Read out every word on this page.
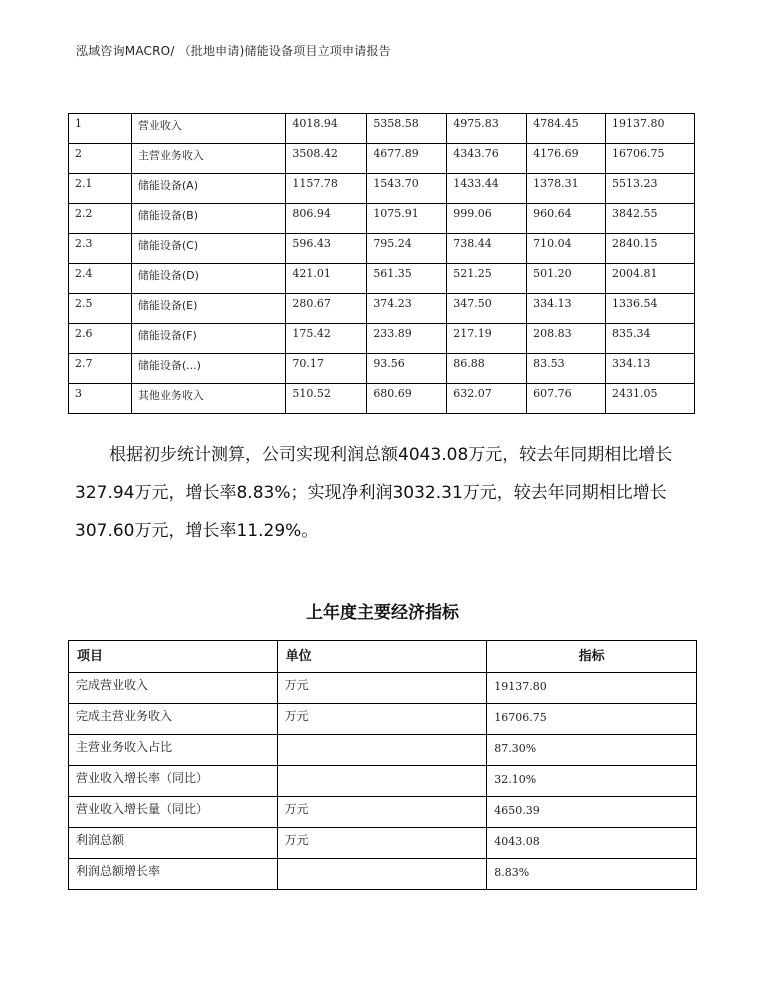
泓域咨询MACRO/ （批地申请)储能设备项目立项申请报告
1	营业收入	4018.94	5358.58	4975.83	4784.45	19137.80
2	主营业务收入	3508.42	4677.89	4343.76	4176.69	16706.75
2.1	储能设备(A)	1157.78	1543.70	1433.44	1378.31	5513.23
2.2	储能设备(B)	806.94	1075.91	999.06	960.64	3842.55
2.3	储能设备(C)	596.43	795.24	738.44	710.04	2840.15
2.4	储能设备(D)	421.01	561.35	521.25	501.20	2004.81
2.5	储能设备(E)	280.67	374.23	347.50	334.13	1336.54
2.6	储能设备(F)	175.42	233.89	217.19	208.83	835.34
2.7	储能设备(...)	70.17	93.56	86.88	83.53	334.13
3	其他业务收入	510.52	680.69	632.07	607.76	2431.05
根据初步统计测算，公司实现利润总额4043.08万元，较去年同期相比增长327.94万元，增长率8.83%；实现净利润3032.31万元，较去年同期相比增长307.60万元，增长率11.29%。
上年度主要经济指标
项目	单位	指标
完成营业收入	万元	19137.80
完成主营业务收入	万元	16706.75
主营业务收入占比		87.30%
营业收入增长率（同比）		32.10%
营业收入增长量（同比）	万元	4650.39
利润总额	万元	4043.08
利润总额增长率		8.83%
